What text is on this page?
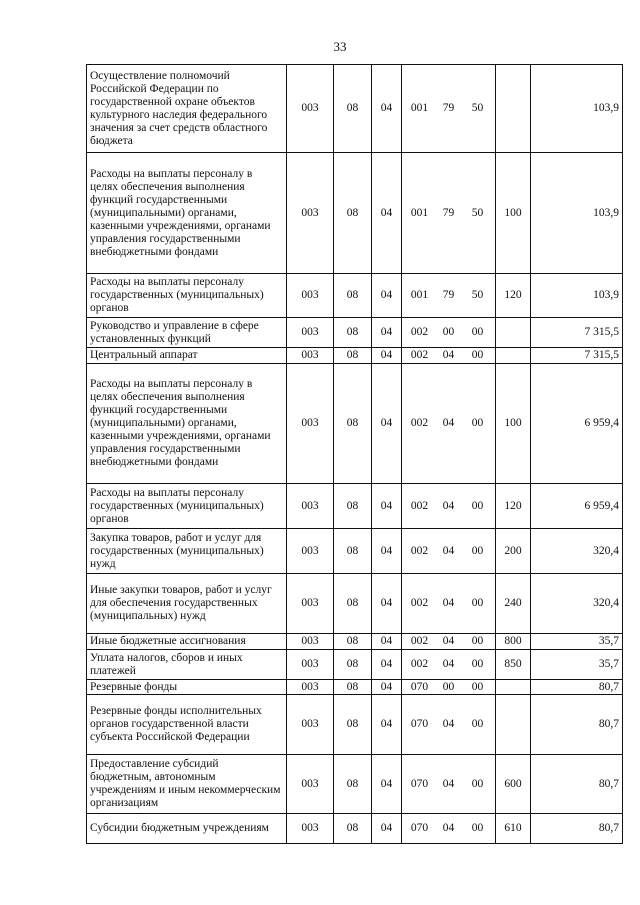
33
Осуществление полномочий Российской Федерации по государственной охране объектов культурного наследия федерального значения за счет средств областного бюджета	003	08	04	001 79 50		103,9
Расходы на выплаты персоналу в целях обеспечения выполнения функций государственными (муниципальными) органами, казенными учреждениями, органами управления государственными внебюджетными фондами	003	08	04	001 79 50	100	103,9
Расходы на выплаты персоналу государственных (муниципальных) органов	003	08	04	001 79 50	120	103,9
Руководство и управление в сфере установленных функций	003	08	04	002 00 00		7 315,5
Центральный аппарат	003	08	04	002 04 00		7 315,5
Расходы на выплаты персоналу в целях обеспечения выполнения функций государственными (муниципальными) органами, казенными учреждениями, органами управления государственными внебюджетными фондами	003	08	04	002 04 00	100	6 959,4
Расходы на выплаты персоналу государственных (муниципальных) органов	003	08	04	002 04 00	120	6 959,4
Закупка товаров, работ и услуг для государственных (муниципальных) нужд	003	08	04	002 04 00	200	320,4
Иные закупки товаров, работ и услуг для обеспечения государственных (муниципальных) нужд	003	08	04	002 04 00	240	320,4
Иные бюджетные ассигнования	003	08	04	002 04 00	800	35,7
Уплата налогов, сборов и иных платежей	003	08	04	002 04 00	850	35,7
Резервные фонды	003	08	04	070 00 00		80,7
Резервные фонды исполнительных органов государственной власти субъекта Российской Федерации	003	08	04	070 04 00		80,7
Предоставление субсидий бюджетным, автономным учреждениям и иным некоммерческим организациям	003	08	04	070 04 00	600	80,7
Субсидии бюджетным учреждениям	003	08	04	070 04 00	610	80,7
